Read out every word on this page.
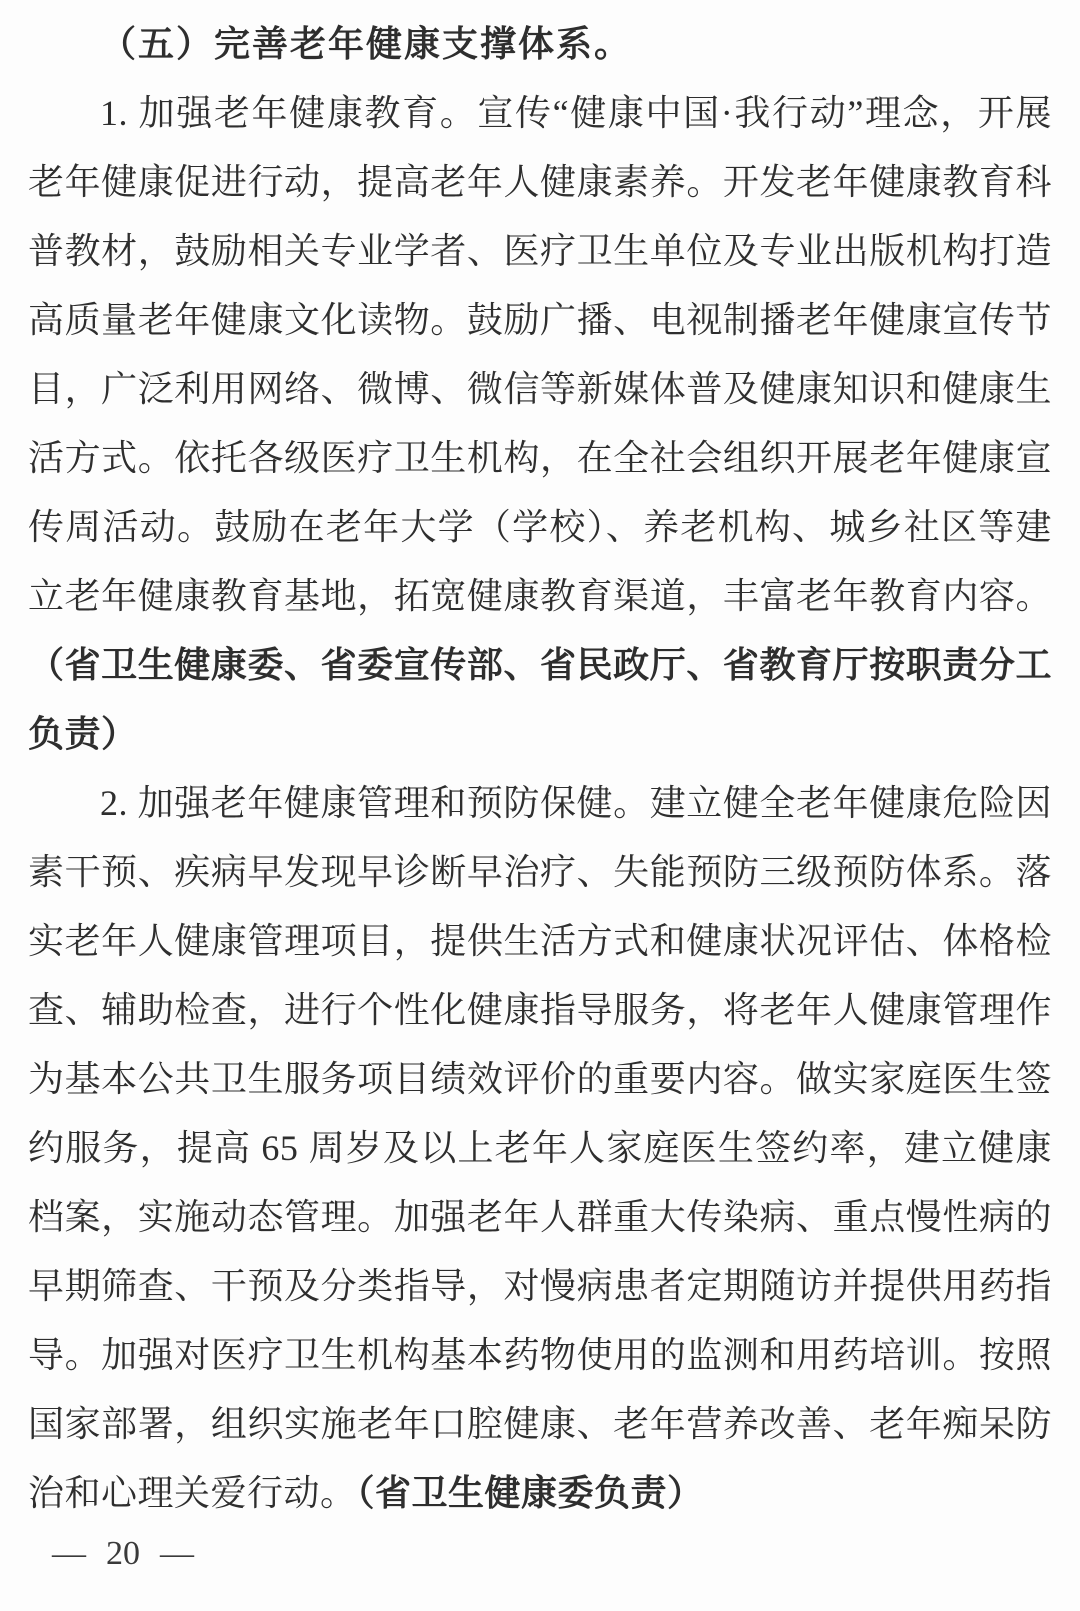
（五）完善老年健康支撑体系。

1. 加强老年健康教育。宣传“健康中国·我行动”理念，开展老年健康促进行动，提高老年人健康素养。开发老年健康教育科普教材，鼓励相关专业学者、医疗卫生单位及专业出版机构打造高质量老年健康文化读物。鼓励广播、电视制播老年健康宣传节目，广泛利用网络、微博、微信等新媒体普及健康知识和健康生活方式。依托各级医疗卫生机构，在全社会组织开展老年健康宣传周活动。鼓励在老年大学（学校）、养老机构、城乡社区等建立老年健康教育基地，拓宽健康教育渠道，丰富老年教育内容。（省卫生健康委、省委宣传部、省民政厅、省教育厅按职责分工负责）

2. 加强老年健康管理和预防保健。建立健全老年健康危险因素干预、疾病早发现早诊断早治疗、失能预防三级预防体系。落实老年人健康管理项目，提供生活方式和健康状况评估、体格检查、辅助检查，进行个性化健康指导服务，将老年人健康管理作为基本公共卫生服务项目绩效评价的重要内容。做实家庭医生签约服务，提高 65 周岁及以上老年人家庭医生签约率，建立健康档案，实施动态管理。加强老年人群重大传染病、重点慢性病的早期筛查、干预及分类指导，对慢病患者定期随访并提供用药指导。加强对医疗卫生机构基本药物使用的监测和用药培训。按照国家部署，组织实施老年口腔健康、老年营养改善、老年痴呆防治和心理关爱行动。（省卫生健康委负责）

— 20 —
